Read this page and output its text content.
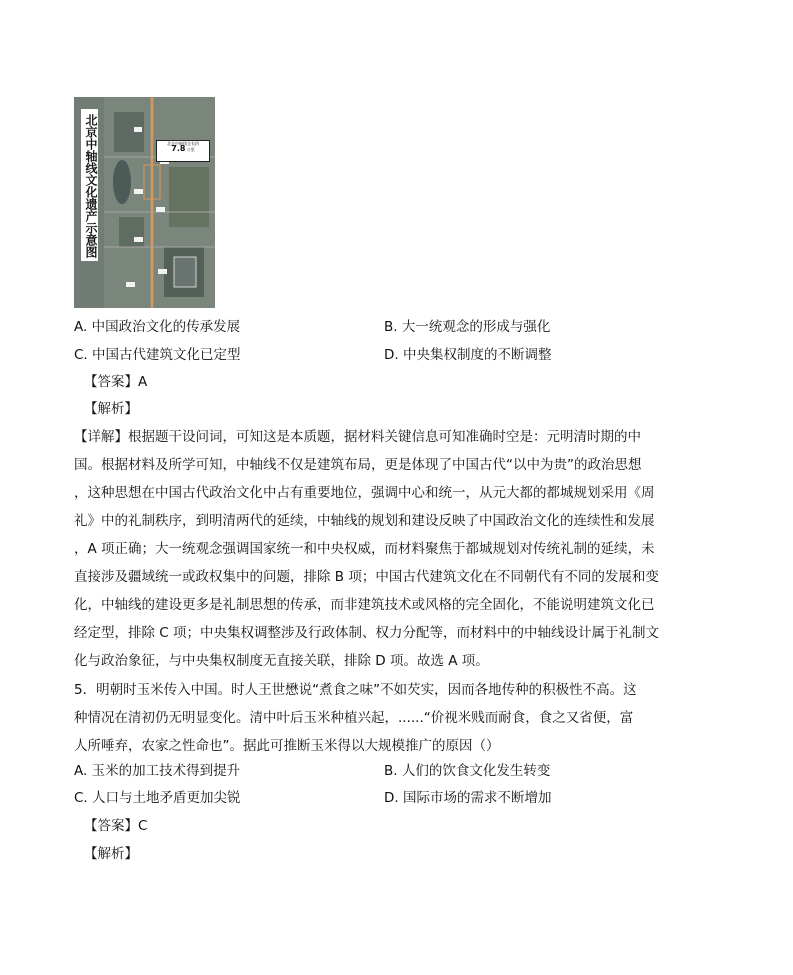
北京中轴线文化遗产示意图	北京中轴线全长约
7.8 公里
A. 中国政治文化的传承发展	B. 大一统观念的形成与强化
C. 中国古代建筑文化已定型	D. 中央集权制度的不断调整
【答案】A
【解析】
【详解】根据题干设问词，可知这是本质题，据材料关键信息可知准确时空是：元明清时期的中
国。根据材料及所学可知，中轴线不仅是建筑布局，更是体现了中国古代“以中为贵”的政治思想
，这种思想在中国古代政治文化中占有重要地位，强调中心和统一，从元大都的都城规划采用《周
礼》中的礼制秩序，到明清两代的延续，中轴线的规划和建设反映了中国政治文化的连续性和发展
，A 项正确；大一统观念强调国家统一和中央权威，而材料聚焦于都城规划对传统礼制的延续，未
直接涉及疆域统一或政权集中的问题，排除 B 项；中国古代建筑文化在不同朝代有不同的发展和变
化，中轴线的建设更多是礼制思想的传承，而非建筑技术或风格的完全固化，不能说明建筑文化已
经定型，排除 C 项；中央集权调整涉及行政体制、权力分配等，而材料中的中轴线设计属于礼制文
化与政治象征，与中央集权制度无直接关联，排除 D 项。故选 A 项。
5．明朝时玉米传入中国。时人王世懋说“煮食之味”不如芡实，因而各地传种的积极性不高。这
种情况在清初仍无明显变化。清中叶后玉米种植兴起，......“价视米贱而耐食，食之又省便，富
人所唾弃，农家之性命也”。据此可推断玉米得以大规模推广的原因（）
A. 玉米的加工技术得到提升	B. 人们的饮食文化发生转变
C. 人口与土地矛盾更加尖锐	D. 国际市场的需求不断增加
【答案】C
【解析】
